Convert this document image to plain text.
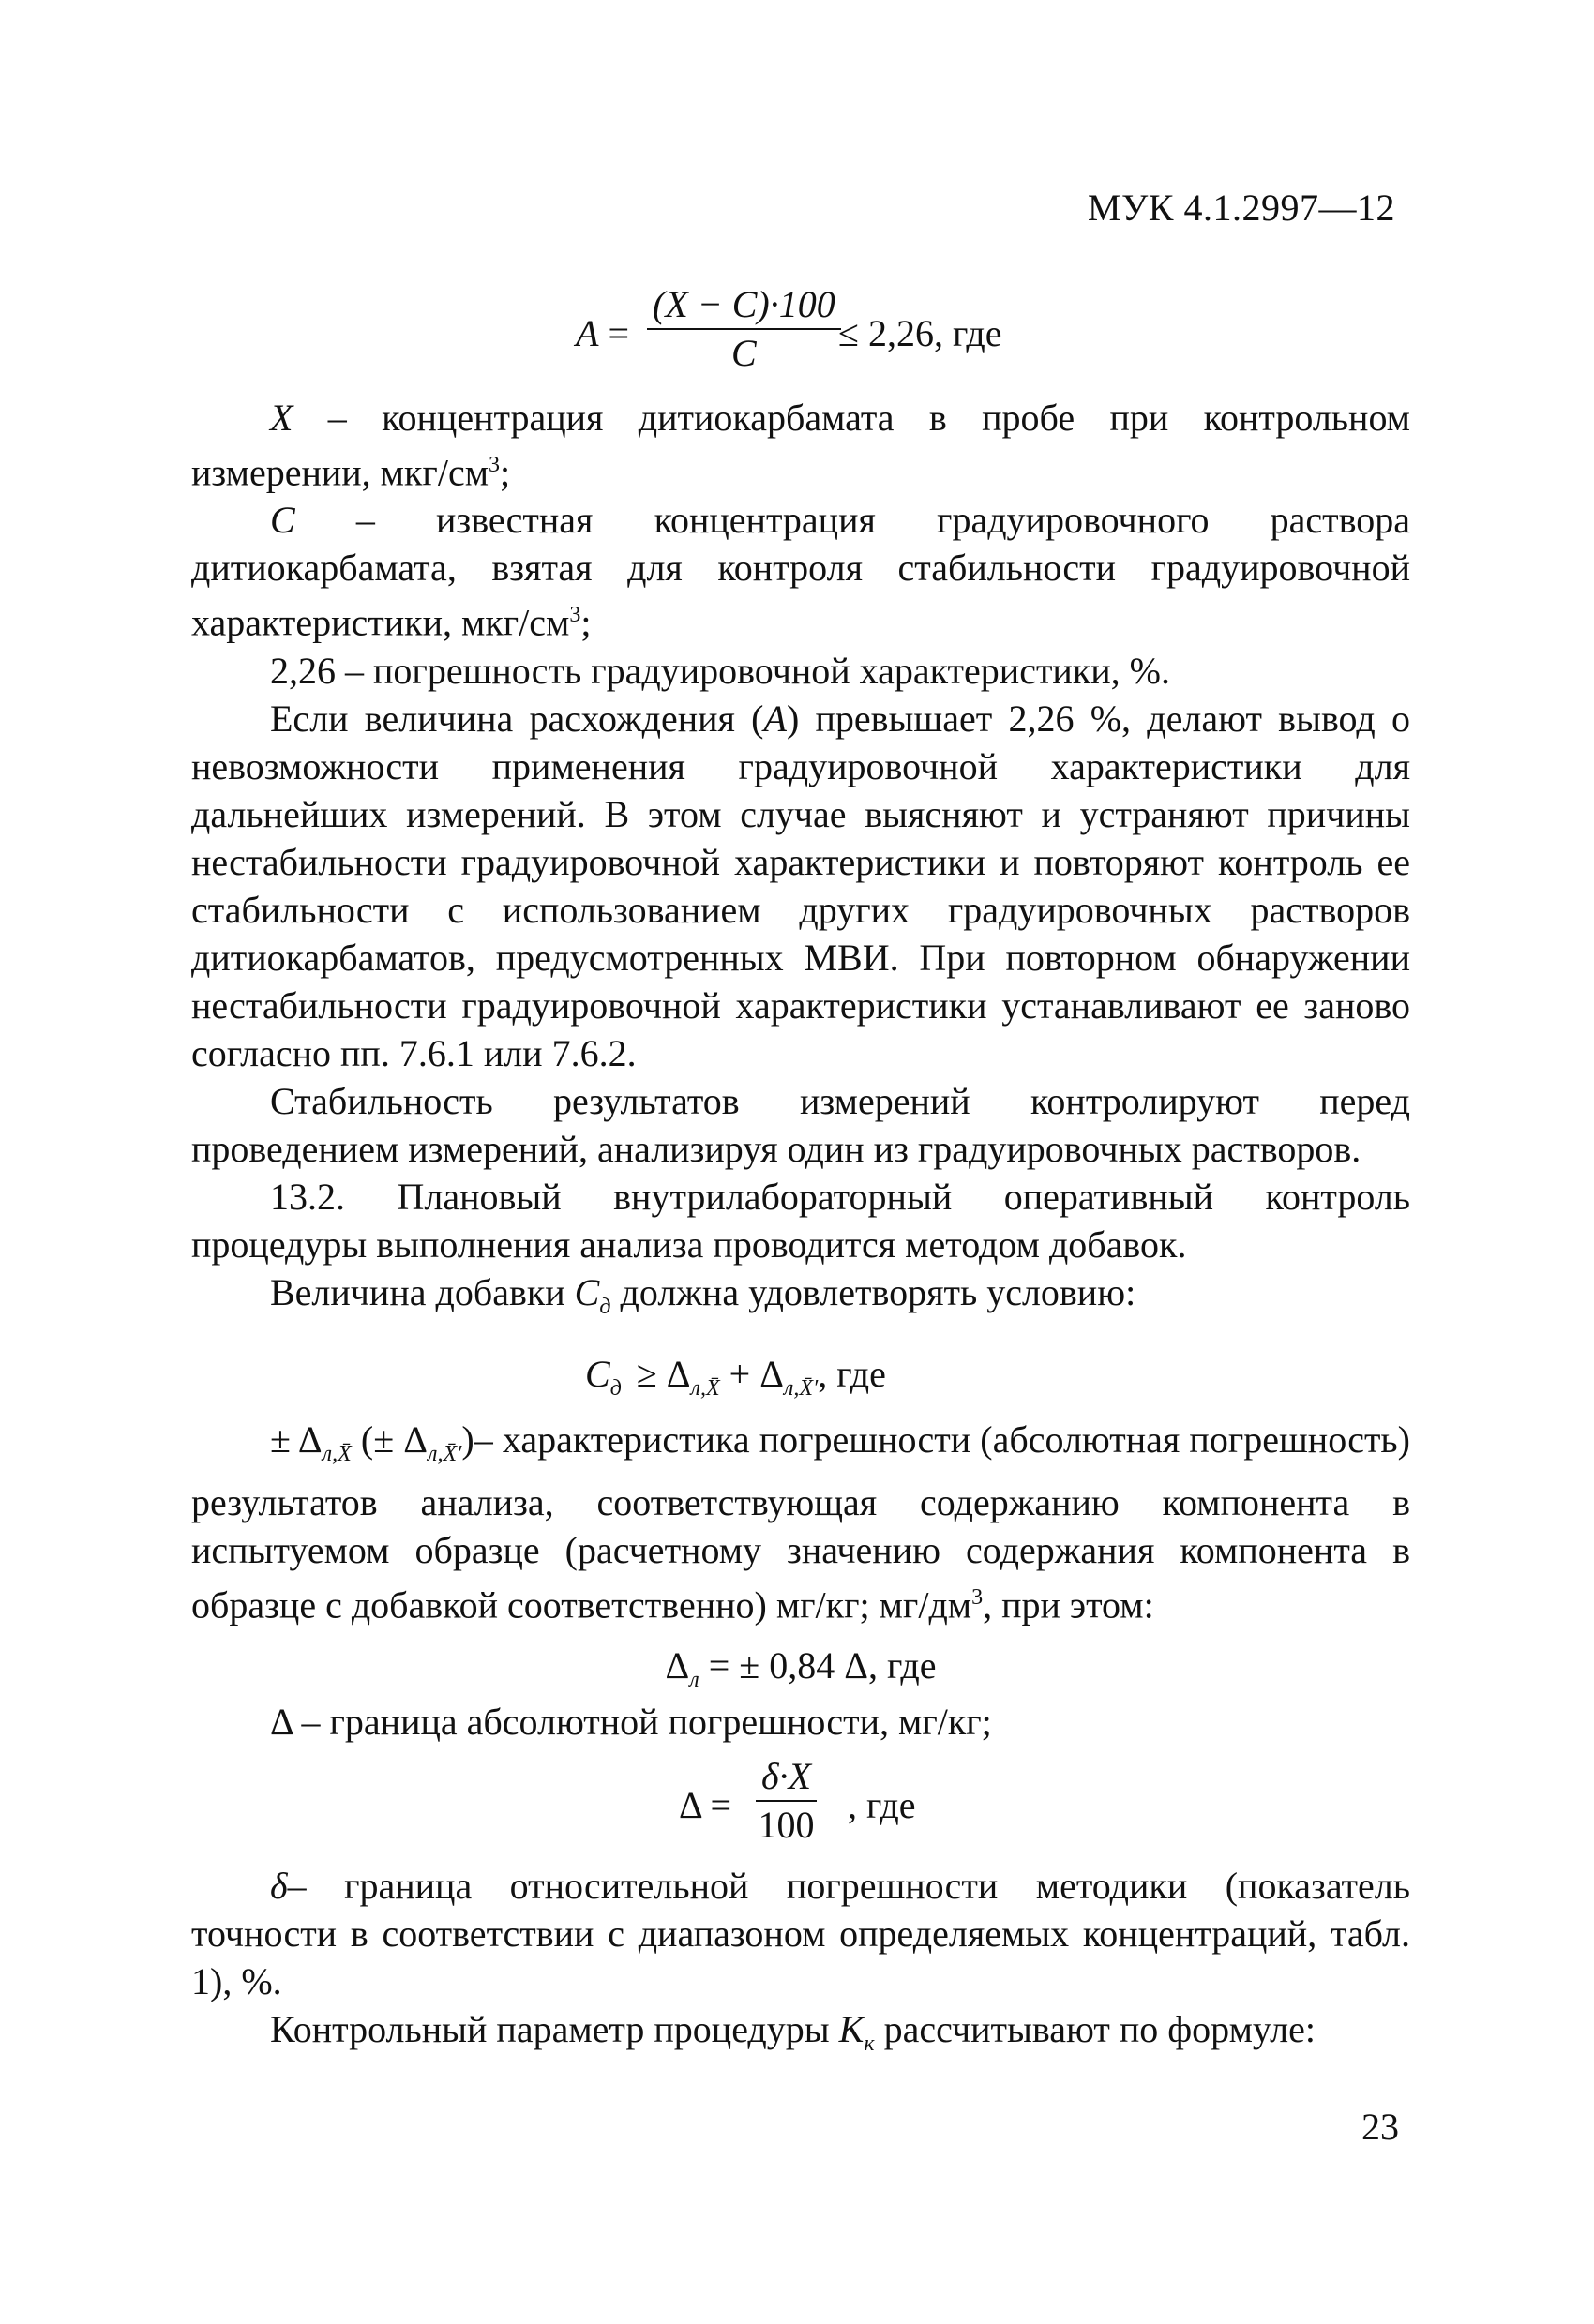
МУК 4.1.2997—12
$A = \frac{(X - C)\cdot 100}{C}$
≤ 2,26, где

X – концентрация дитиокарбамата в пробе при контрольном измерении, мкг/$см^3$;

C – известная концентрация градуировочного раствора дитиокарбамата, взятая для контроля стабильности градуировочной характеристики, мкг/$см^3$;

2,26 – погрешность градуировочной характеристики, %.

Если величина расхождения (A) превышает 2,26 %, делают вывод о невозможности применения градуировочной характеристики для дальнейших измерений. В этом случае выясняют и устраняют причины нестабильности градуировочной характеристики и повторяют контроль ее стабильности с использованием других градуировочных растворов дитиокарбаматов, предусмотренных МВИ. При повторном обнаружении нестабильности градуировочной характеристики устанавливают ее заново согласно пп. 7.6.1 или 7.6.2.

Стабильность результатов измерений контролируют перед проведением измерений, анализируя один из градуировочных растворов.

13.2. Плановый внутрилабораторный оперативный контроль процедуры выполнения анализа проводится методом добавок.

Величина добавки $C_д$ должна удовлетворять условию:

$C_д \ge \Delta_{л,X̄} + \Delta_{л,X̄'}$, где

± $\Delta_{л,X̄}$ (± $\Delta_{л,X̄'})-$ характеристика погрешности (абсолютная погрешность) результатов анализа, соответствующая содержанию компонента в испытуемом образце (расчетному значению содержания компонента в образце с добавкой соответственно) мг/кг; $мг/дм^3$, при этом:

$\Delta_л$ = ± 0,84 Δ, где

Δ – граница абсолютной погрешности, мг/кг;

$\Delta = \frac{\delta\cdot X}{100}$ , где

δ– граница относительной погрешности методики (показатель точности в соответствии с диапазоном определяемых концентраций, табл. 1), %.

Контрольный параметр процедуры $K_к$ рассчитывают по формуле:

23
